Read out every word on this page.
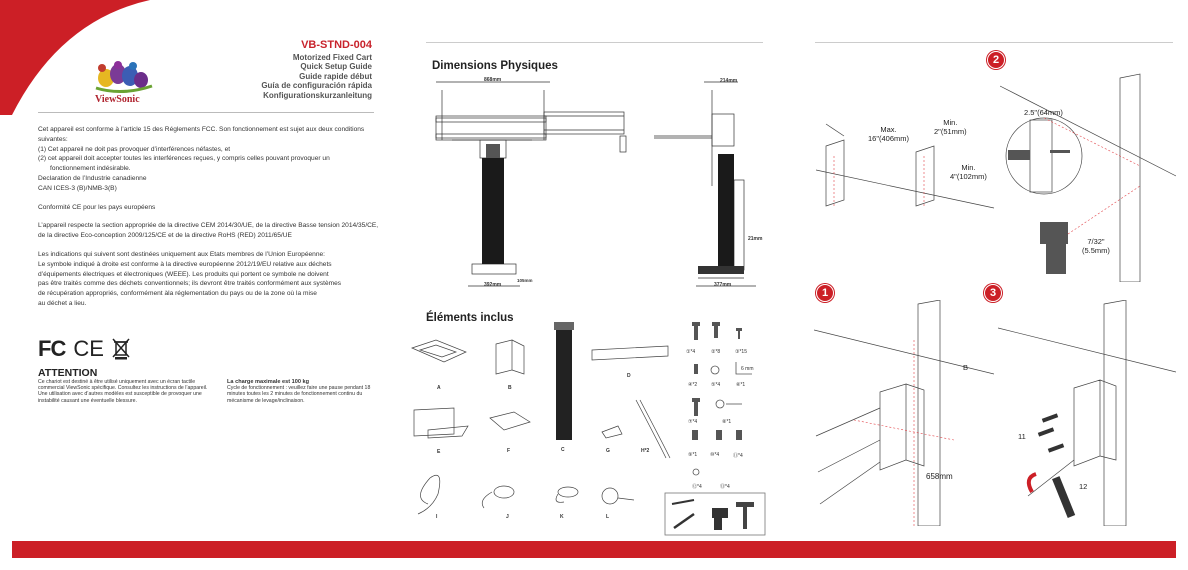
ViewSonic
VB-STND-004
Motorized Fixed Cart
Quick Setup Guide
Guide rapide début
Guía de configuración rápida
Konfigurationskurzanleitung

Cet appareil est conforme à l’article 15 des Réglements FCC. Son fonctionnement est sujet aux deux conditions suivantes:

(1) Cet appareil ne doit pas provoquer d’interférences néfastes, et

(2) cet appareil doit accepter toutes les interférences reçues, y compris celles pouvant provoquer un

fonctionnement indésirable.

Declaration de l’Industrie canadienne

CAN ICES-3 (B)/NMB-3(B)

Conformité CE pour les pays européens

L’appareil respecte la section appropriée de la directive CEM 2014/30/UE, de la directive Basse tension 2014/35/CE, de la directive Eco-conception 2009/125/CE et de la directive RoHS (RED) 2011/65/UE

Les indications qui suivent sont destinées uniquement aux Etats membres de l’Union Européenne:

Le symbole indiqué à droite est conforme à la directive européenne 2012/19/EU relative aux déchets

d’équipements électriques et électroniques (WEEE). Les produits qui portent ce symbole ne doivent

pas être traités comme des déchets conventionnels; ils devront être traités conformément aux systèmes

de récupération appropriés, conformément àla réglementation du pays ou de la zone où la mise

au déchet a lieu.

FC CE
ATTENTION
Ce chariot est destiné à être utilisé uniquement avec un écran tactile commercial ViewSonic spécifique. Consultez les instructions de l’appareil. Une utilisation avec d’autres modèles est susceptible de provoquer une instabilité causant une éventuelle blessure.
La charge maximale est 100 kg
Cycle de fonctionnement : veuillez faire une pause pendant 18 minutes toutes les 2 minutes de fonctionnement continu du mécanisme de levage/inclinaison.
Dimensions Physiques
868mm
392mm
105mm
214mm
21mm
377mm
Éléments inclus
A	B
C
D
E	F	G	H*2
I	J	K	L
①*4	②*8	③*15
④*2	⑤*4	⑥*1
6 mm
⑦*4	⑧*1
⑨*1	⑩*4	⑪*4
⑫*4	⑬*4
Max.
16"(406mm)
Min.
2"(51mm)
Min.
4"(102mm)
2
2.5"(64mm)
7/32"
(5.5mm)
1
B
658mm
3
11
12
